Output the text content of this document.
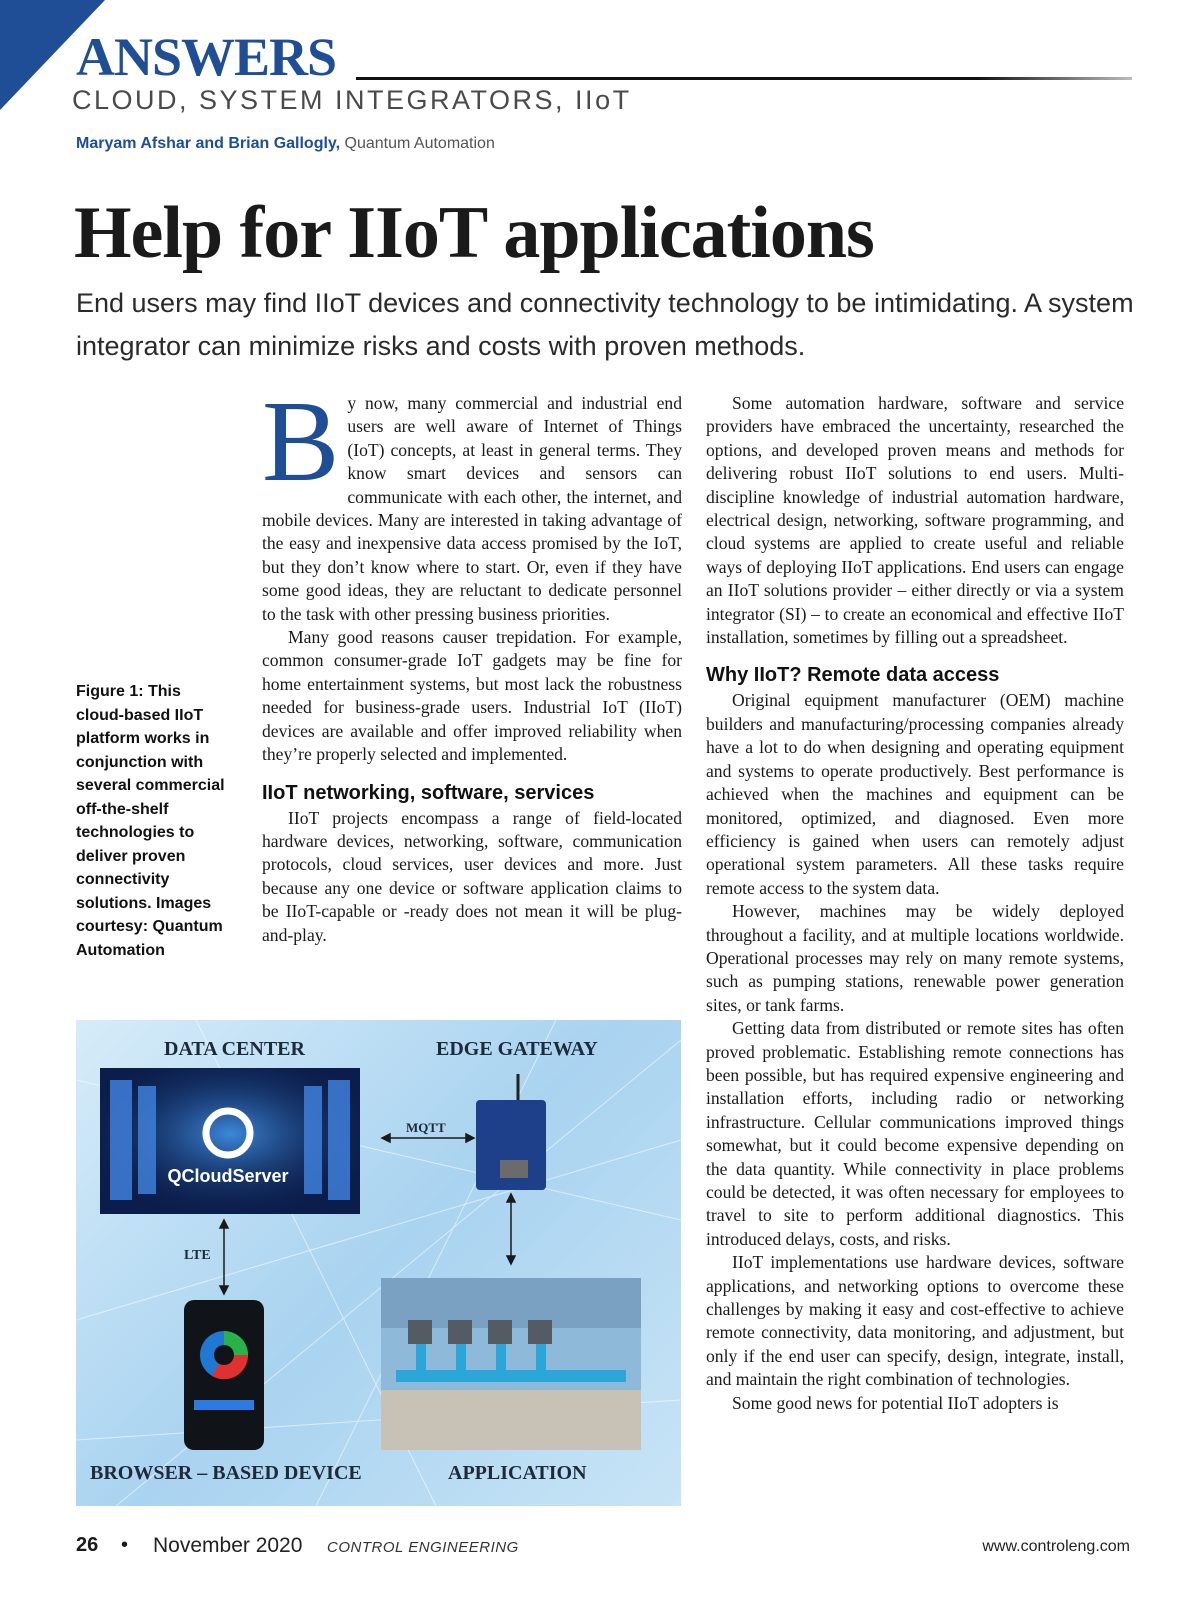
ANSWERS
CLOUD, SYSTEM INTEGRATORS, IIoT
Maryam Afshar and Brian Gallogly, Quantum Automation
Help for IIoT applications
End users may find IIoT devices and connectivity technology to be intimidating. A system integrator can minimize risks and costs with proven methods.
Figure 1: This cloud-based IIoT platform works in conjunction with several commercial off-the-shelf technologies to deliver proven connectivity solutions. Images courtesy: Quantum Automation

By now, many commercial and industrial end users are well aware of Internet of Things (IoT) concepts, at least in general terms. They know smart devices and sensors can communicate with each other, the internet, and mobile devices. Many are interested in taking advantage of the easy and inexpensive data access promised by the IoT, but they don’t know where to start. Or, even if they have some good ideas, they are reluctant to dedicate personnel to the task with other pressing business priorities.

Many good reasons causer trepidation. For example, common consumer-grade IoT gadgets may be fine for home entertainment systems, but most lack the robustness needed for business-grade users. Industrial IoT (IIoT) devices are available and offer improved reliability when they’re properly selected and implemented.

IIoT networking, software, services

IIoT projects encompass a range of field-located hardware devices, networking, software, communication protocols, cloud services, user devices and more. Just because any one device or software application claims to be IIoT-capable or -ready does not mean it will be plug-and-play.

Some automation hardware, software and service providers have embraced the uncertainty, researched the options, and developed proven means and methods for delivering robust IIoT solutions to end users. Multi-discipline knowledge of industrial automation hardware, electrical design, networking, software programming, and cloud systems are applied to create useful and reliable ways of deploying IIoT applications. End users can engage an IIoT solutions provider – either directly or via a system integrator (SI) – to create an economical and effective IIoT installation, sometimes by filling out a spreadsheet.

Why IIoT? Remote data access

Original equipment manufacturer (OEM) machine builders and manufacturing/processing companies already have a lot to do when designing and operating equipment and systems to operate productively. Best performance is achieved when the machines and equipment can be monitored, optimized, and diagnosed. Even more efficiency is gained when users can remotely adjust operational system parameters. All these tasks require remote access to the system data.

However, machines may be widely deployed throughout a facility, and at multiple locations worldwide. Operational processes may rely on many remote systems, such as pumping stations, renewable power generation sites, or tank farms.

Getting data from distributed or remote sites has often proved problematic. Establishing remote connections has been possible, but has required expensive engineering and installation efforts, including radio or networking infrastructure. Cellular communications improved things somewhat, but it could become expensive depending on the data quantity. While connectivity in place problems could be detected, it was often necessary for employees to travel to site to perform additional diagnostics. This introduced delays, costs, and risks.

IIoT implementations use hardware devices, software applications, and networking options to overcome these challenges by making it easy and cost-effective to achieve remote connectivity, data monitoring, and adjustment, but only if the end user can specify, design, integrate, install, and maintain the right combination of technologies.

Some good news for potential IIoT adopters is

QCloudServer
DATA CENTER	EDGE GATEWAY
MQTT
LTE
BROWSER – BASED DEVICE	APPLICATION
26 • November 2020 CONTROL ENGINEERING	www.controleng.com
